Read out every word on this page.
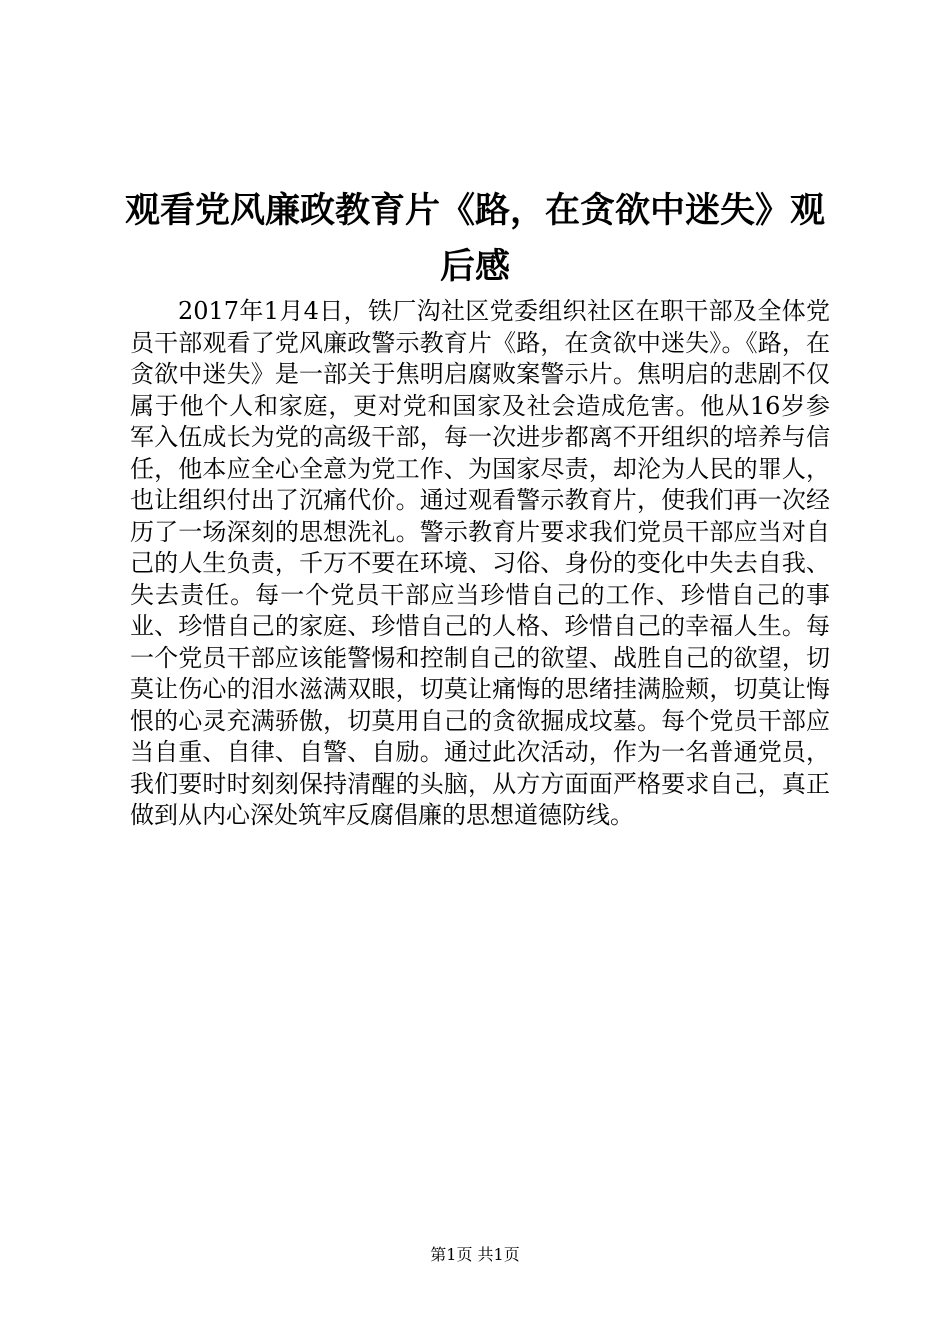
观看党风廉政教育片《路，在贪欲中迷失》观后感

2017年1月4日，铁厂沟社区党委组织社区在职干部及全体党员干部观看了党风廉政警示教育片《路，在贪欲中迷失》。《路，在贪欲中迷失》是一部关于焦明启腐败案警示片。焦明启的悲剧不仅属于他个人和家庭，更对党和国家及社会造成危害。他从16岁参军入伍成长为党的高级干部，每一次进步都离不开组织的培养与信任，他本应全心全意为党工作、为国家尽责，却沦为人民的罪人，也让组织付出了沉痛代价。通过观看警示教育片，使我们再一次经历了一场深刻的思想洗礼。警示教育片要求我们党员干部应当对自己的人生负责，千万不要在环境、习俗、身份的变化中失去自我、失去责任。每一个党员干部应当珍惜自己的工作、珍惜自己的事业、珍惜自己的家庭、珍惜自己的人格、珍惜自己的幸福人生。每一个党员干部应该能警惕和控制自己的欲望、战胜自己的欲望，切莫让伤心的泪水滋满双眼，切莫让痛悔的思绪挂满脸颊，切莫让悔恨的心灵充满骄傲，切莫用自己的贪欲掘成坟墓。每个党员干部应当自重、自律、自警、自励。通过此次活动，作为一名普通党员，我们要时时刻刻保持清醒的头脑，从方方面面严格要求自己，真正做到从内心深处筑牢反腐倡廉的思想道德防线。

第1页 共1页
